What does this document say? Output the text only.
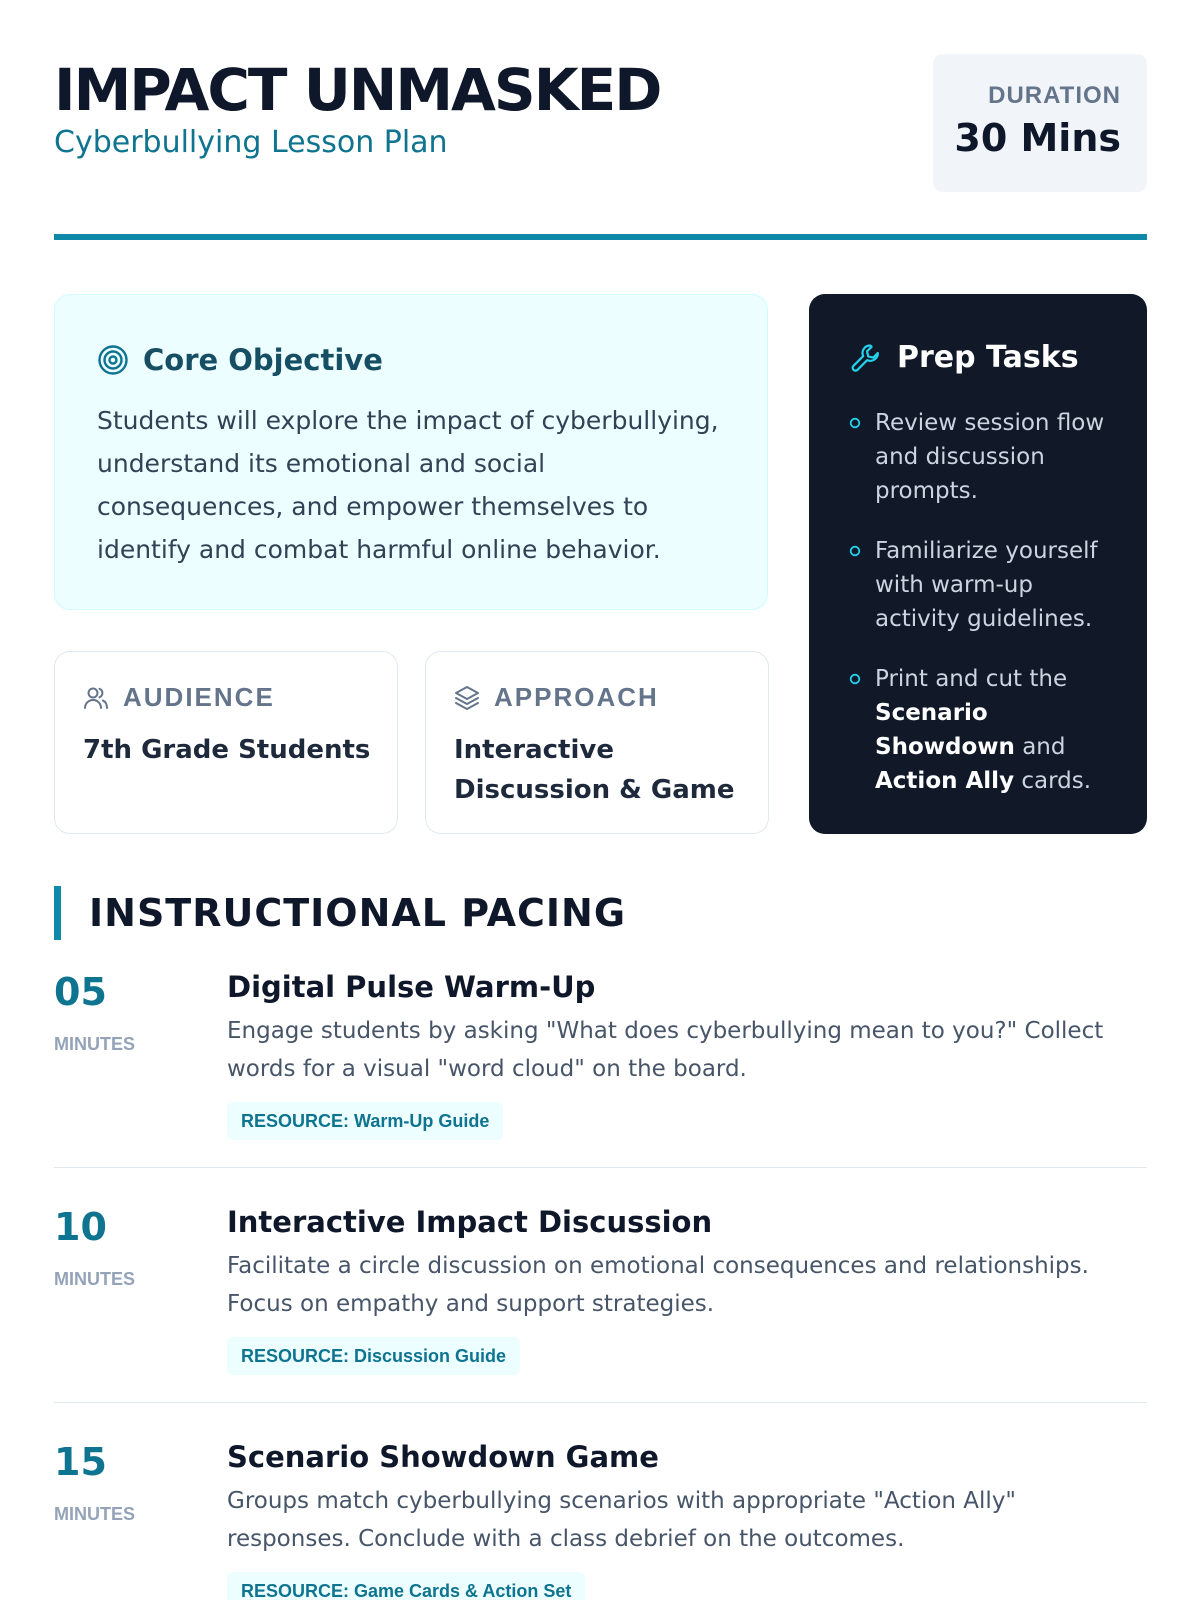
IMPACT UNMASKED
Cyberbullying Lesson Plan
DURATION
30 Mins
Core Objective
Students will explore the impact of cyberbullying, understand its emotional and social consequences, and empower themselves to identify and combat harmful online behavior.
AUDIENCE
7th Grade Students
APPROACH
Interactive Discussion & Game
Prep Tasks
Review session flow and discussion prompts.
Familiarize yourself with warm-up activity guidelines.
Print and cut the Scenario Showdown and Action Ally cards.
INSTRUCTIONAL PACING
05
MINUTES
Digital Pulse Warm-Up
Engage students by asking "What does cyberbullying mean to you?" Collect words for a visual "word cloud" on the board.
RESOURCE: Warm-Up Guide
10
MINUTES
Interactive Impact Discussion
Facilitate a circle discussion on emotional consequences and relationships. Focus on empathy and support strategies.
RESOURCE: Discussion Guide
15
MINUTES
Scenario Showdown Game
Groups match cyberbullying scenarios with appropriate "Action Ally" responses. Conclude with a class debrief on the outcomes.
RESOURCE: Game Cards & Action Set
